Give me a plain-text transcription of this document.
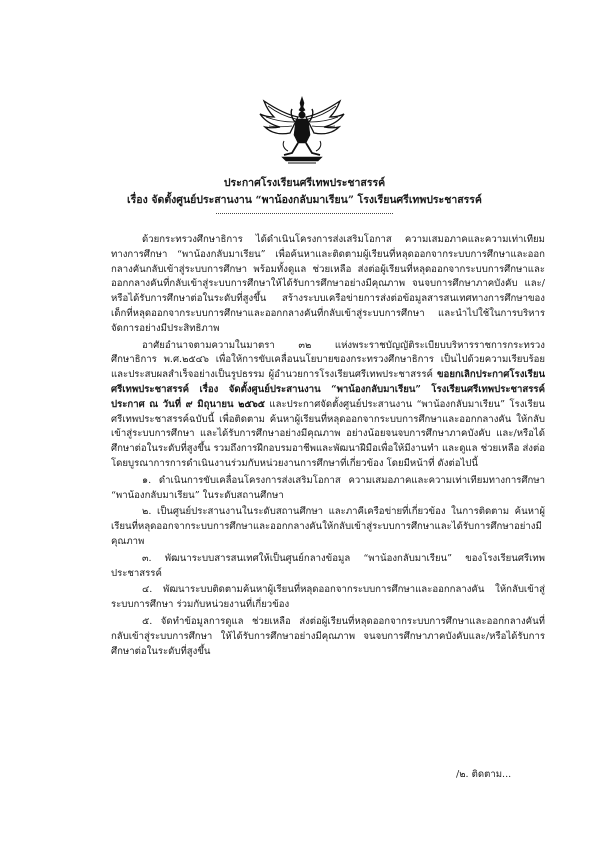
ประกาศโรงเรียนศรีเทพประชาสรรค์
เรื่อง จัดตั้งศูนย์ประสานงาน “พาน้องกลับมาเรียน” โรงเรียนศรีเทพประชาสรรค์

ด้วยกระทรวงศึกษาธิการ ได้ดำเนินโครงการส่งเสริมโอกาส ความเสมอภาคและความเท่าเทียมทางการศึกษา “พาน้องกลับมาเรียน” เพื่อค้นหาและติดตามผู้เรียนที่หลุดออกจากระบบการศึกษาและออกกลางคันกลับเข้าสู่ระบบการศึกษา พร้อมทั้งดูแล ช่วยเหลือ ส่งต่อผู้เรียนที่หลุดออกจากระบบการศึกษาและออกกลางคันที่กลับเข้าสู่ระบบการศึกษาให้ได้รับการศึกษาอย่างมีคุณภาพ จนจบการศึกษาภาคบังคับ และ/หรือได้รับการศึกษาต่อในระดับที่สูงขึ้น สร้างระบบเครือข่ายการส่งต่อข้อมูลสารสนเทศทางการศึกษาของเด็กที่หลุดออกจากระบบการศึกษาและออกกลางคันที่กลับเข้าสู่ระบบการศึกษา และนำไปใช้ในการบริหารจัดการอย่างมีประสิทธิภาพ

อาศัยอำนาจตามความในมาตรา ๓๒ แห่งพระราชบัญญัติระเบียบบริหารราชการกระทรวงศึกษาธิการ พ.ศ.๒๕๔๖ เพื่อให้การขับเคลื่อนนโยบายของกระทรวงศึกษาธิการ เป็นไปด้วยความเรียบร้อยและประสบผลสำเร็จอย่างเป็นรูปธรรม ผู้อำนวยการโรงเรียนศรีเทพประชาสรรค์ ขอยกเลิกประกาศโรงเรียนศรีเทพประชาสรรค์ เรื่อง จัดตั้งศูนย์ประสานงาน “พาน้องกลับมาเรียน” โรงเรียนศรีเทพประชาสรรค์ ประกาศ ณ วันที่ ๙ มิถุนายน ๒๕๖๕ และประกาศจัดตั้งศูนย์ประสานงาน “พาน้องกลับมาเรียน” โรงเรียนศรีเทพประชาสรรค์ฉบับนี้ เพื่อติดตาม ค้นหาผู้เรียนที่หลุดออกจากระบบการศึกษาและออกกลางคัน ให้กลับเข้าสู่ระบบการศึกษา และได้รับการศึกษาอย่างมีคุณภาพ อย่างน้อยจนจบการศึกษาภาคบังคับ และ/หรือได้ศึกษาต่อในระดับที่สูงขึ้น รวมถึงการฝึกอบรมอาชีพและพัฒนาฝีมือเพื่อให้มีงานทำ และดูแล ช่วยเหลือ ส่งต่อ โดยบูรณาการการดำเนินงานร่วมกับหน่วยงานการศึกษาที่เกี่ยวข้อง โดยมีหน้าที่ ดังต่อไปนี้

๑. ดำเนินการขับเคลื่อนโครงการส่งเสริมโอกาส ความเสมอภาคและความเท่าเทียมทางการศึกษา “พาน้องกลับมาเรียน” ในระดับสถานศึกษา

๒. เป็นศูนย์ประสานงานในระดับสถานศึกษา และภาคีเครือข่ายที่เกี่ยวข้อง ในการติดตาม ค้นหาผู้เรียนที่หลุดออกจากระบบการศึกษาและออกกลางคันให้กลับเข้าสู่ระบบการศึกษาและได้รับการศึกษาอย่างมีคุณภาพ

๓. พัฒนาระบบสารสนเทศให้เป็นศูนย์กลางข้อมูล “พาน้องกลับมาเรียน” ของโรงเรียนศรีเทพประชาสรรค์

๔. พัฒนาระบบติดตามค้นหาผู้เรียนที่หลุดออกจากระบบการศึกษาและออกกลางคัน ให้กลับเข้าสู่ระบบการศึกษา ร่วมกับหน่วยงานที่เกี่ยวข้อง

๕. จัดทำข้อมูลการดูแล ช่วยเหลือ ส่งต่อผู้เรียนที่หลุดออกจากระบบการศึกษาและออกกลางคันที่กลับเข้าสู่ระบบการศึกษา ให้ได้รับการศึกษาอย่างมีคุณภาพ จนจบการศึกษาภาคบังคับและ/หรือได้รับการศึกษาต่อในระดับที่สูงขึ้น

/๒. ติดตาม...
